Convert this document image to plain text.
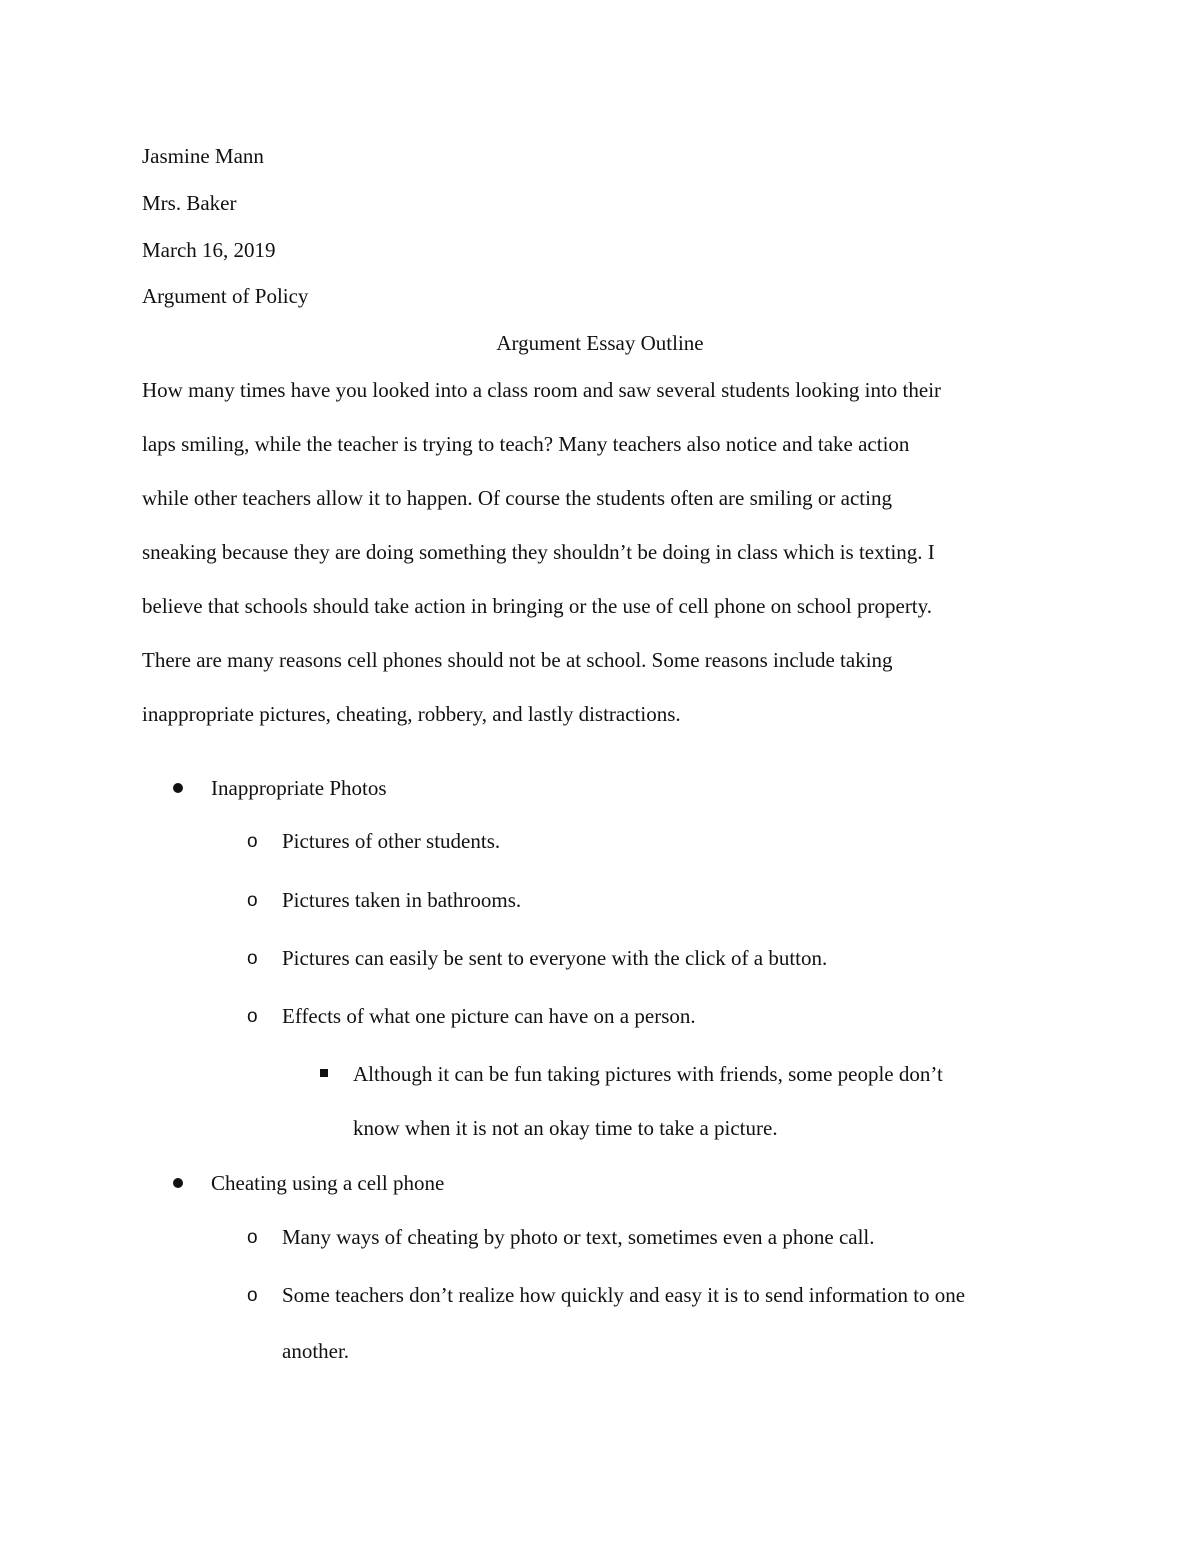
Jasmine Mann
Mrs. Baker
March 16, 2019
Argument of Policy
Argument Essay Outline
How many times have you looked into a class room and saw several students looking into their
laps smiling, while the teacher is trying to teach? Many teachers also notice and take action
while other teachers allow it to happen. Of course the students often are smiling or acting
sneaking because they are doing something they shouldn’t be doing in class which is texting. I
believe that schools should take action in bringing or the use of cell phone on school property.
There are many reasons cell phones should not be at school. Some reasons include taking
inappropriate pictures, cheating, robbery, and lastly distractions.
Inappropriate Photos
o Pictures of other students.
o Pictures taken in bathrooms.
o Pictures can easily be sent to everyone with the click of a button.
o Effects of what one picture can have on a person.
Although it can be fun taking pictures with friends, some people don’t
know when it is not an okay time to take a picture.
Cheating using a cell phone
o Many ways of cheating by photo or text, sometimes even a phone call.
o Some teachers don’t realize how quickly and easy it is to send information to one
another.
